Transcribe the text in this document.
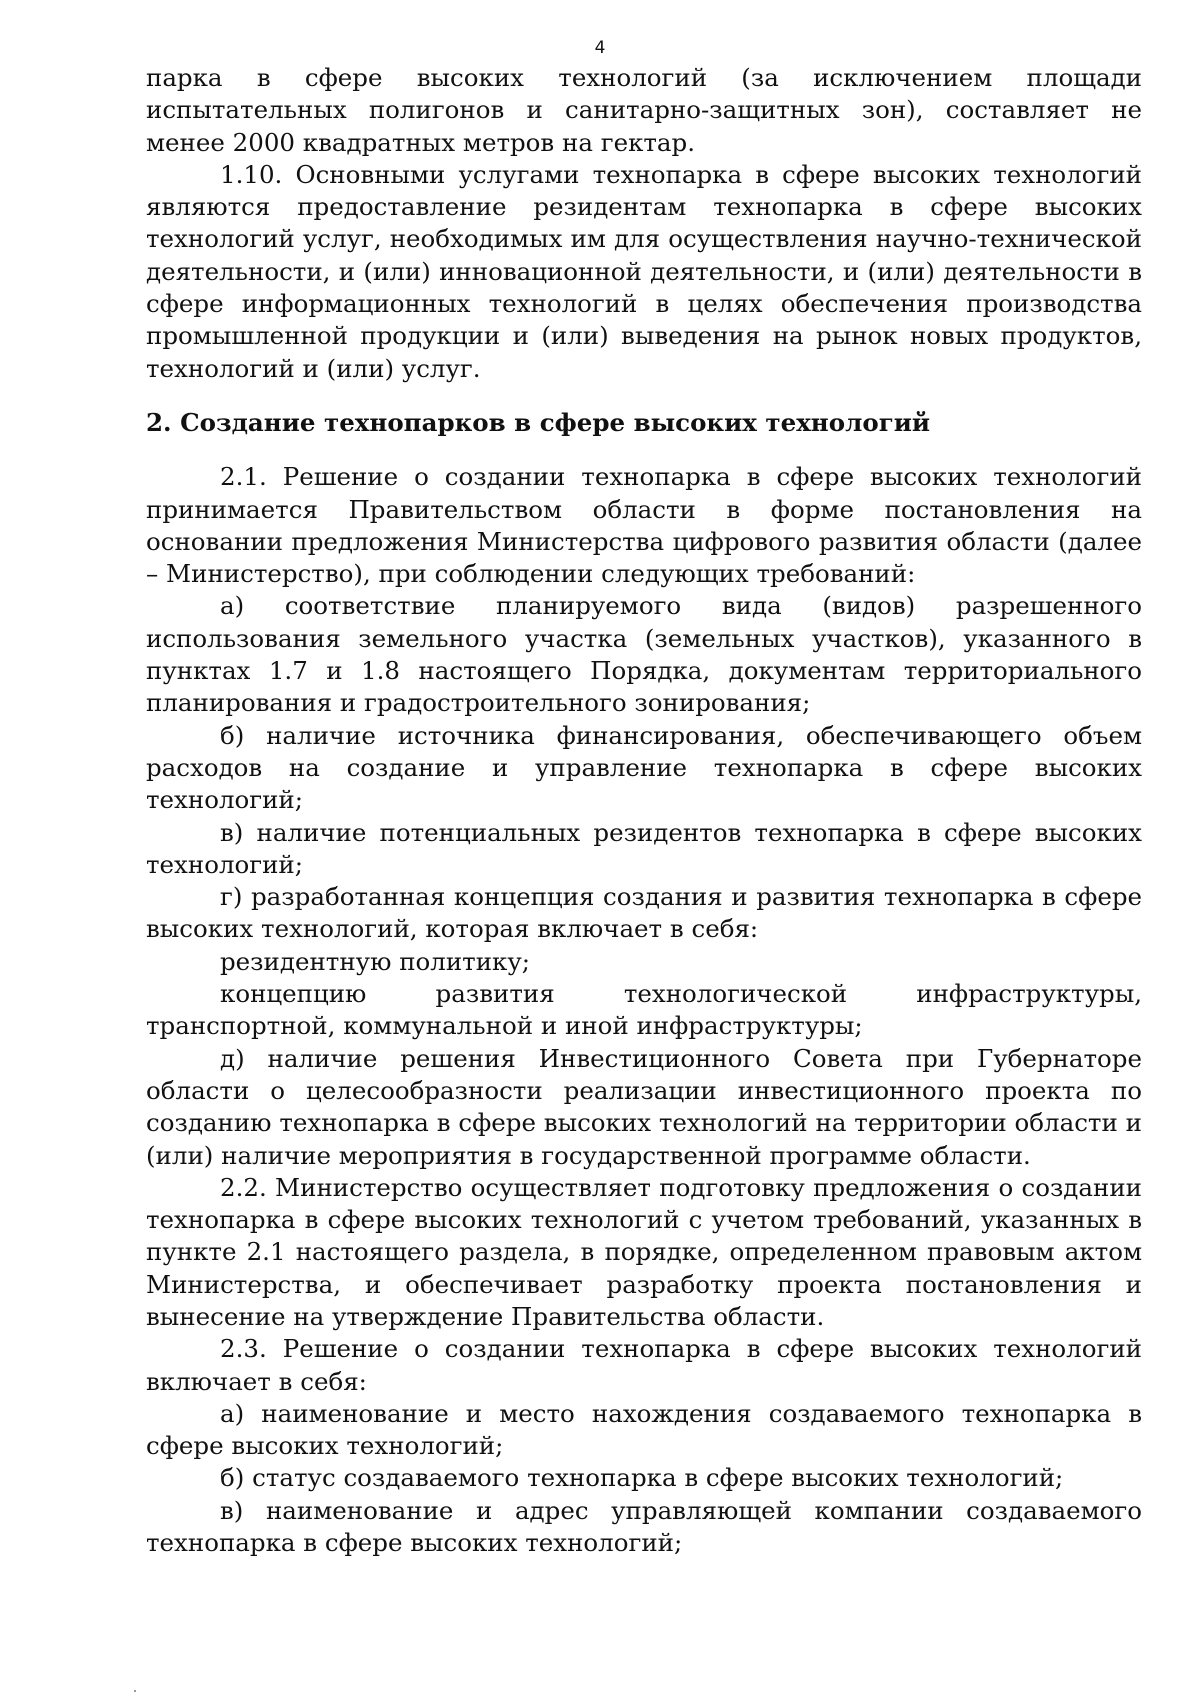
4

парка в сфере высоких технологий (за исключением площади испытательных полигонов и санитарно-защитных зон), составляет не менее 2000 квадратных метров на гектар.

1.10. Основными услугами технопарка в сфере высоких технологий являются предоставление резидентам технопарка в сфере высоких технологий услуг, необходимых им для осуществления научно-технической деятельности, и (или) инновационной деятельности, и (или) деятельности в сфере информационных технологий в целях обеспечения производства промышленной продукции и (или) выведения на рынок новых продуктов, технологий и (или) услуг.

2. Создание технопарков в сфере высоких технологий

2.1. Решение о создании технопарка в сфере высоких технологий принимается Правительством области в форме постановления на основании предложения Министерства цифрового развития области (далее – Министерство), при соблюдении следующих требований:

а) соответствие планируемого вида (видов) разрешенного использования земельного участка (земельных участков), указанного в пунктах 1.7 и 1.8 настоящего Порядка, документам территориального планирования и градостроительного зонирования;

б) наличие источника финансирования, обеспечивающего объем расходов на создание и управление технопарка в сфере высоких технологий;

в) наличие потенциальных резидентов технопарка в сфере высоких технологий;

г) разработанная концепция создания и развития технопарка в сфере высоких технологий, которая включает в себя:

резидентную политику;

концепцию развития технологической инфраструктуры, транспортной, коммунальной и иной инфраструктуры;

д) наличие решения Инвестиционного Совета при Губернаторе области о целесообразности реализации инвестиционного проекта по созданию технопарка в сфере высоких технологий на территории области и (или) наличие мероприятия в государственной программе области.

2.2. Министерство осуществляет подготовку предложения о создании технопарка в сфере высоких технологий с учетом требований, указанных в пункте 2.1 настоящего раздела, в порядке, определенном правовым актом Министерства, и обеспечивает разработку проекта постановления и вынесение на утверждение Правительства области.

2.3. Решение о создании технопарка в сфере высоких технологий включает в себя:

а) наименование и место нахождения создаваемого технопарка в сфере высоких технологий;

б) статус создаваемого технопарка в сфере высоких технологий;

в) наименование и адрес управляющей компании создаваемого технопарка в сфере высоких технологий;
